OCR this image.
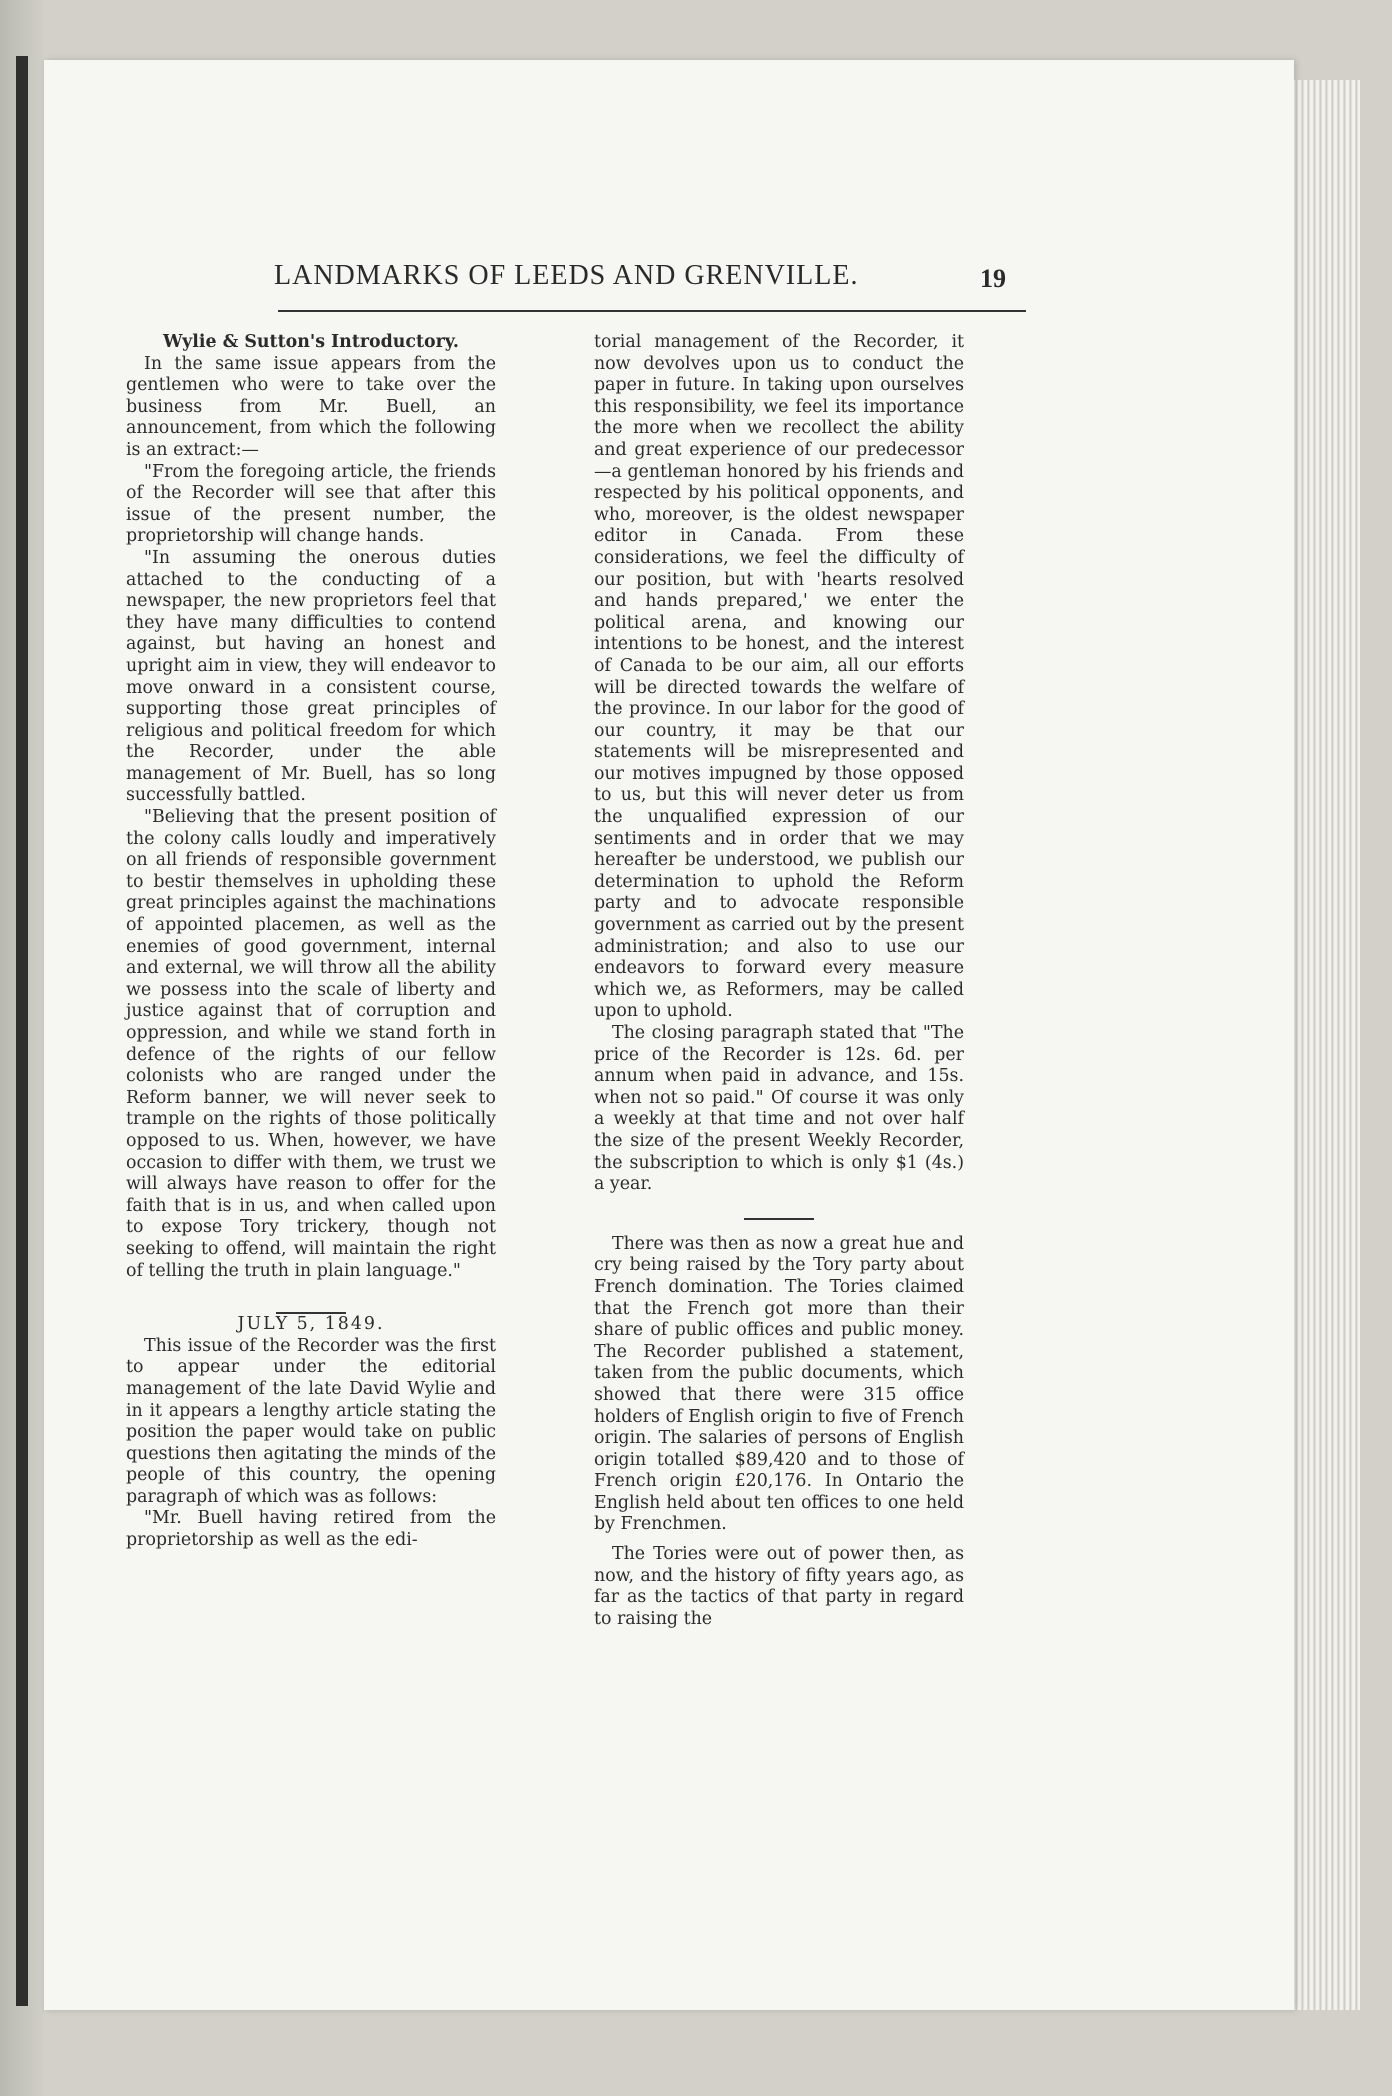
LANDMARKS OF LEEDS AND GRENVILLE.	19

Wylie & Sutton's Introductory.

In the same issue appears from the gentlemen who were to take over the business from Mr. Buell, an announcement, from which the following is an extract:—

"From the foregoing article, the friends of the Recorder will see that after this issue of the present number, the proprietorship will change hands.

"In assuming the onerous duties attached to the conducting of a newspaper, the new proprietors feel that they have many difficulties to contend against, but having an honest and upright aim in view, they will endeavor to move onward in a consistent course, supporting those great principles of religious and political freedom for which the Recorder, under the able management of Mr. Buell, has so long successfully battled.

"Believing that the present position of the colony calls loudly and imperatively on all friends of responsible government to bestir themselves in upholding these great principles against the machinations of appointed placemen, as well as the enemies of good government, internal and external, we will throw all the ability we possess into the scale of liberty and justice against that of corruption and oppression, and while we stand forth in defence of the rights of our fellow colonists who are ranged under the Reform banner, we will never seek to trample on the rights of those politically opposed to us. When, however, we have occasion to differ with them, we trust we will always have reason to offer for the faith that is in us, and when called upon to expose Tory trickery, though not seeking to offend, will maintain the right of telling the truth in plain language."

JULY 5, 1849.

This issue of the Recorder was the first to appear under the editorial management of the late David Wylie and in it appears a lengthy article stating the position the paper would take on public questions then agitating the minds of the people of this country, the opening paragraph of which was as follows:

"Mr. Buell having retired from the proprietorship as well as the edi-

torial management of the Recorder, it now devolves upon us to conduct the paper in future. In taking upon ourselves this responsibility, we feel its importance the more when we recollect the ability and great experience of our predecessor—a gentleman honored by his friends and respected by his political opponents, and who, moreover, is the oldest newspaper editor in Canada. From these considerations, we feel the difficulty of our position, but with 'hearts resolved and hands prepared,' we enter the political arena, and knowing our intentions to be honest, and the interest of Canada to be our aim, all our efforts will be directed towards the welfare of the province. In our labor for the good of our country, it may be that our statements will be misrepresented and our motives impugned by those opposed to us, but this will never deter us from the unqualified expression of our sentiments and in order that we may hereafter be understood, we publish our determination to uphold the Reform party and to advocate responsible government as carried out by the present administration; and also to use our endeavors to forward every measure which we, as Reformers, may be called upon to uphold.

The closing paragraph stated that "The price of the Recorder is 12s. 6d. per annum when paid in advance, and 15s. when not so paid." Of course it was only a weekly at that time and not over half the size of the present Weekly Recorder, the subscription to which is only $1 (4s.) a year.

There was then as now a great hue and cry being raised by the Tory party about French domination. The Tories claimed that the French got more than their share of public offices and public money. The Recorder published a statement, taken from the public documents, which showed that there were 315 office holders of English origin to five of French origin. The salaries of persons of English origin totalled $89,420 and to those of French origin £20,176. In Ontario the English held about ten offices to one held by Frenchmen.

The Tories were out of power then, as now, and the history of fifty years ago, as far as the tactics of that party in regard to raising the
